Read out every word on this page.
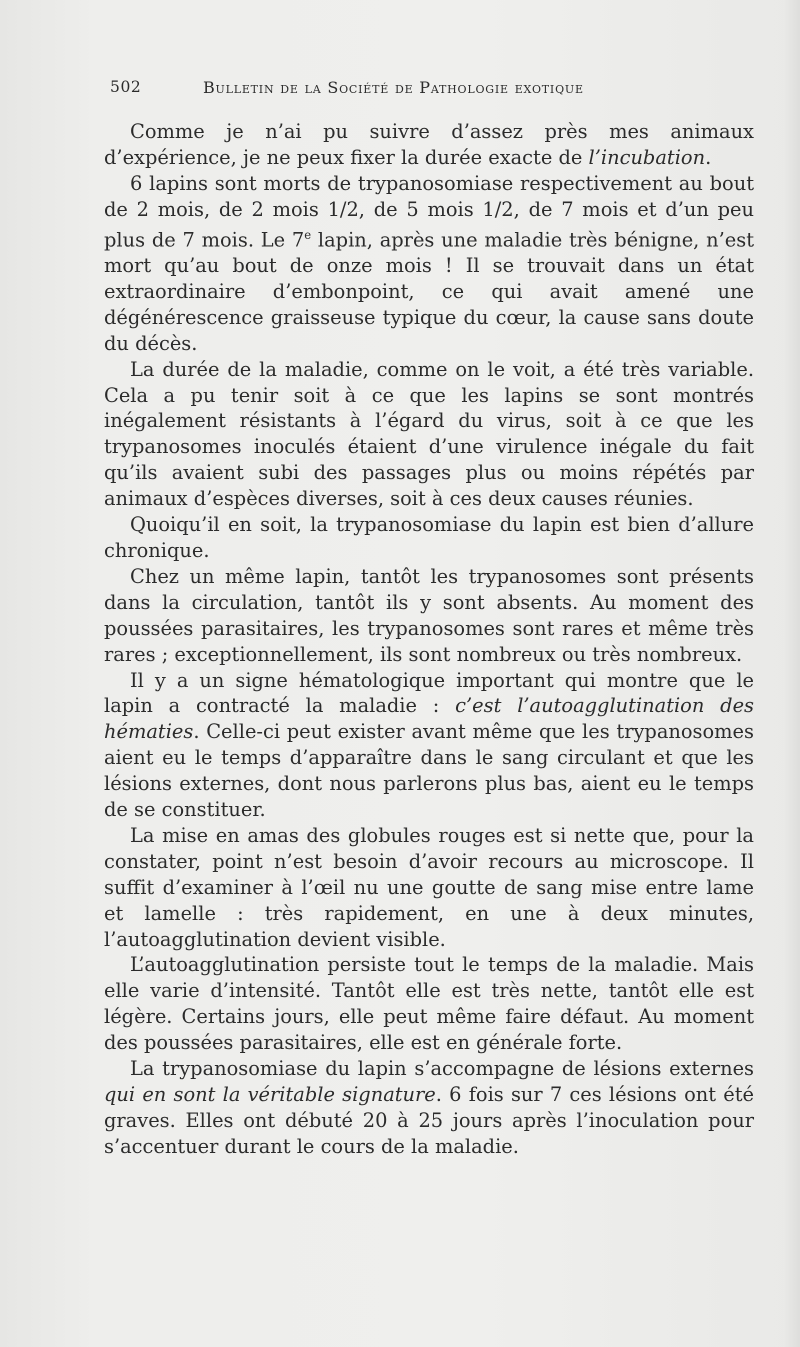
502	Bulletin de la Société de Pathologie exotique

Comme je n’ai pu suivre d’assez près mes animaux d’expérience, je ne peux fixer la durée exacte de l’incubation.

6 lapins sont morts de trypanosomiase respectivement au bout de 2 mois, de 2 mois 1/2, de 5 mois 1/2, de 7 mois et d’un peu plus de 7 mois. Le 7e lapin, après une maladie très bénigne, n’est mort qu’au bout de onze mois ! Il se trouvait dans un état extraordinaire d’embonpoint, ce qui avait amené une dégénérescence graisseuse typique du cœur, la cause sans doute du décès.

La durée de la maladie, comme on le voit, a été très variable. Cela a pu tenir soit à ce que les lapins se sont montrés inégalement résistants à l’égard du virus, soit à ce que les trypanosomes inoculés étaient d’une virulence inégale du fait qu’ils avaient subi des passages plus ou moins répétés par animaux d’espèces diverses, soit à ces deux causes réunies.

Quoiqu’il en soit, la trypanosomiase du lapin est bien d’allure chronique.

Chez un même lapin, tantôt les trypanosomes sont présents dans la circulation, tantôt ils y sont absents. Au moment des poussées parasitaires, les trypanosomes sont rares et même très rares ; exceptionnellement, ils sont nombreux ou très nombreux.

Il y a un signe hématologique important qui montre que le lapin a contracté la maladie : c’est l’autoagglutination des hématies. Celle-ci peut exister avant même que les trypanosomes aient eu le temps d’apparaître dans le sang circulant et que les lésions externes, dont nous parlerons plus bas, aient eu le temps de se constituer.

La mise en amas des globules rouges est si nette que, pour la constater, point n’est besoin d’avoir recours au microscope. Il suffit d’examiner à l’œil nu une goutte de sang mise entre lame et lamelle : très rapidement, en une à deux minutes, l’autoagglutination devient visible.

L’autoagglutination persiste tout le temps de la maladie. Mais elle varie d’intensité. Tantôt elle est très nette, tantôt elle est légère. Certains jours, elle peut même faire défaut. Au moment des poussées parasitaires, elle est en générale forte.

La trypanosomiase du lapin s’accompagne de lésions externes qui en sont la véritable signature. 6 fois sur 7 ces lésions ont été graves. Elles ont débuté 20 à 25 jours après l’inoculation pour s’accentuer durant le cours de la maladie.
